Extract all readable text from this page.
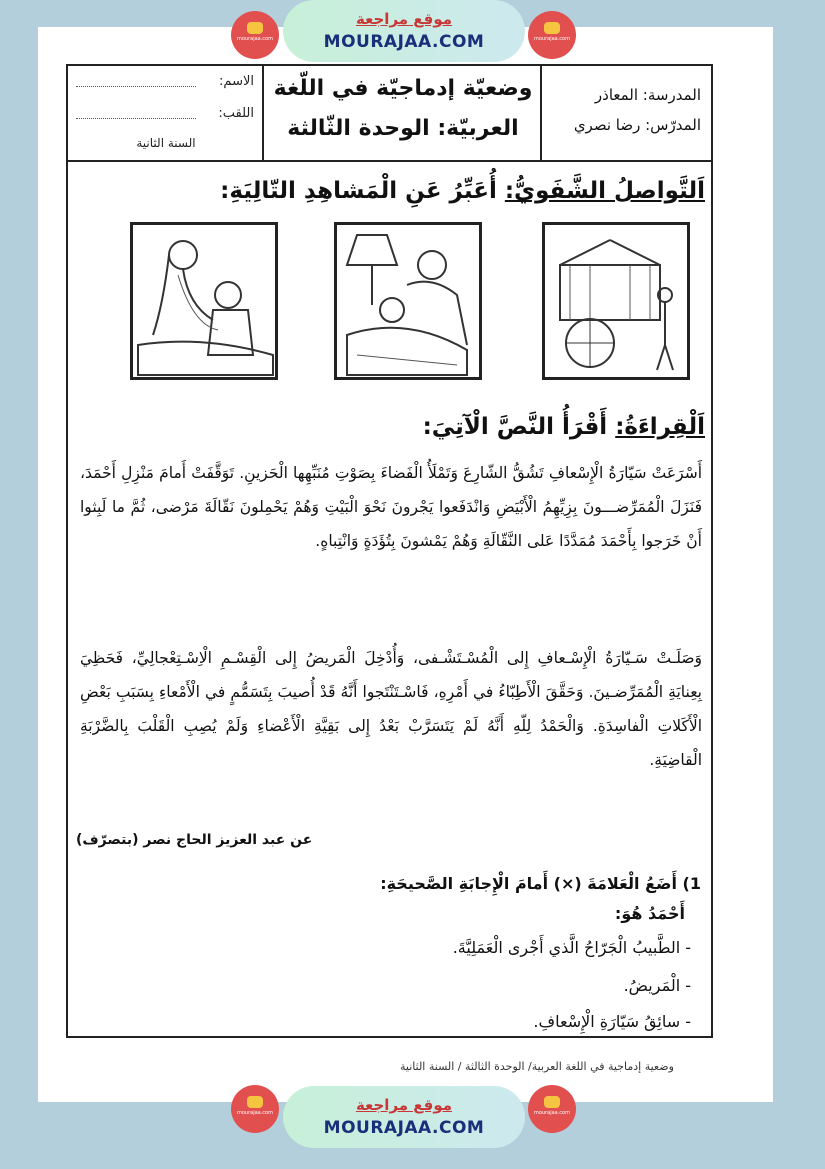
mourajaa.com	mourajaa.com
موقع مراجعة
MOURAJAA.COM
الاسم:
اللقب:
السنة الثانية
وضعيّة إدماجيّة في اللّغة
العربيّة: الوحدة الثّالثة
المدرسة: المعاذر
المدرّس: رضا نصري
اَلتَّواصلُ الشَّفَويُّ: أُعَبِّرُ عَنِ الْمَشاهِدِ التّالِيَةِ:
اَلْقِراءَةُ: أَقْرَأُ النَّصَّ الْآتِيَ:
أَسْرَعَتْ سَيّارَةُ الْإِسْعافِ تَشُقُّ الشّارِعَ وَتَمْلَأُ الْفَضاءَ بِصَوْتِ مُنَبِّهِها الْحَزينِ. تَوَقَّفَتْ أَمامَ مَنْزِلِ أَحْمَدَ، فَنَزَلَ الْمُمَرِّضـــونَ بِزِيِّهِمُ الْأَبْيَضِ وَانْدَفَعوا يَجْرونَ نَحْوَ الْبَيْتِ وَهُمْ يَحْمِلونَ نَقّالَةَ مَرْضى، ثُمَّ ما لَبِثوا أَنْ خَرَجوا بِأَحْمَدَ مُمَدَّدًا عَلى النَّقّالَةِ وَهُمْ يَمْشونَ بِتُؤَدَةٍ وَانْتِباهٍ.
وَصَلَـتْ سَـيّارَةُ الْإِسْـعافِ إِلى الْمُسْـتَشْـفى، وَأُدْخِلَ الْمَريضُ إِلى الْقِسْـمِ الْاِسْـتِعْجالِيِّ، فَحَظِيَ بِعِنايَةِ الْمُمَرِّضـينَ. وَحَقَّقَ الْأَطِبّاءُ في أَمْرِهِ، فَاسْـتَنْتَجوا أَنَّهُ قَدْ أُصيبَ بِتَسَمُّمٍ في الْأَمْعاءِ بِسَبَبِ بَعْضِ الْأَكَلاتِ الْفاسِدَةِ. وَالْحَمْدُ لِلّهِ أَنَّهُ لَمْ يَتَسَرَّبْ بَعْدُ إِلى بَقِيَّةِ الْأَعْضاءِ وَلَمْ يُصِبِ الْقَلْبَ بِالضَّرْبَةِ الْقاضِيَةِ.
عن عبد العزيز الحاج نصر (بتصرّف)
1) أَضَعُ الْعَلامَةَ (×) أَمامَ الْإِجابَةِ الصَّحيحَةِ:
أَحْمَدُ هُوَ:
- الطَّبيبُ الْجَرّاحُ الَّذي أَجْرى الْعَمَلِيَّةَ.
- الْمَريضُ.
- سائِقُ سَيّارَةِ الْإِسْعافِ.
وضعية إدماجية في اللغة العربية/ الوحدة الثالثة / السنة الثانية
mourajaa.com	mourajaa.com
موقع مراجعة
MOURAJAA.COM
